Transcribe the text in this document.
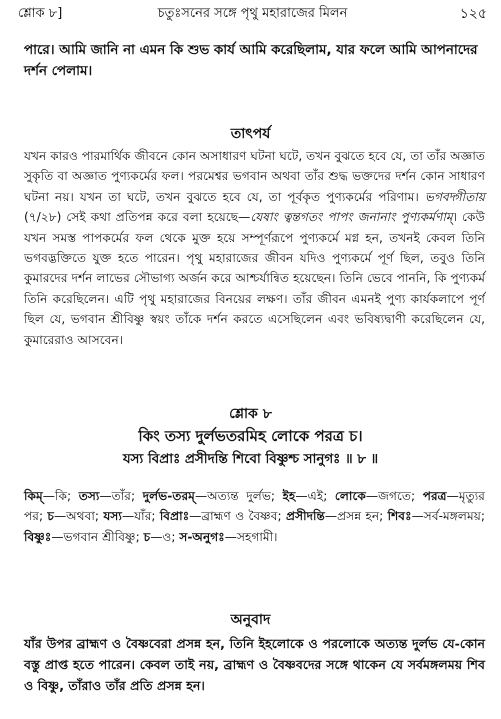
শ্লোক ৮]	চতুঃসনের সঙ্গে পৃথু মহারাজের মিলন	১২৫
পারে। আমি জানি না এমন কি শুভ কার্য আমি করেছিলাম, যার ফলে আমি আপনাদের দর্শন পেলাম।
তাৎপর্য
যখন কারও পারমার্থিক জীবনে কোন অসাধারণ ঘটনা ঘটে, তখন বুঝতে হবে যে, তা তাঁর অজ্ঞাত সুকৃতি বা অজ্ঞাত পুণ্যকর্মের ফল। পরমেশ্বর ভগবান অথবা তাঁর শুদ্ধ ভক্তদের দর্শন কোন সাধারণ ঘটনা নয়। যখন তা ঘটে, তখন বুঝতে হবে যে, তা পূর্বকৃত পুণ্যকর্মের পরিণাম। ভগবদ্গীতায় (৭/২৮) সেই কথা প্রতিপন্ন করে বলা হয়েছে—যেষাং ত্বন্তগতং পাপং জনানাং পুণ্যকর্মণাম্। কেউ যখন সমস্ত পাপকর্মের ফল থেকে মুক্ত হয়ে সম্পূর্ণরূপে পুণ্যকর্মে মগ্ন হন, তখনই কেবল তিনি ভগবদ্ভক্তিতে যুক্ত হতে পারেন। পৃথু মহারাজের জীবন যদিও পুণ্যকর্মে পূর্ণ ছিল, তবুও তিনি কুমারদের দর্শন লাভের সৌভাগ্য অর্জন করে আশ্চর্যান্বিত হয়েছেন। তিনি ভেবে পাননি, কি পুণ্যকর্ম তিনি করেছিলেন। এটি পৃথু মহারাজের বিনয়ের লক্ষণ। তাঁর জীবন এমনই পুণ্য কার্যকলাপে পূর্ণ ছিল যে, ভগবান শ্রীবিষ্ণু স্বয়ং তাঁকে দর্শন করতে এসেছিলেন এবং ভবিষ্যদ্বাণী করেছিলেন যে, কুমারেরাও আসবেন।
শ্লোক ৮
কিং তস্য দুর্লভতরমিহ লোকে পরত্র চ।
যস্য বিপ্রাঃ প্রসীদন্তি শিবো বিষ্ণুশ্চ সানুগঃ ॥ ৮ ॥
কিম্—কি; তস্য—তাঁর; দুর্লভ-তরম্—অত্যন্ত দুর্লভ; ইহ—এই; লোকে—জগতে; পরত্র—মৃত্যুর পর; চ—অথবা; যস্য—যাঁর; বিপ্রাঃ—ব্রাহ্মণ ও বৈষ্ণব; প্রসীদন্তি—প্রসন্ন হন; শিবঃ—সর্ব-মঙ্গলময়; বিষ্ণুঃ—ভগবান শ্রীবিষ্ণু; চ—ও; স-অনুগঃ—সহগামী।
অনুবাদ
যাঁর উপর ব্রাহ্মণ ও বৈষ্ণবেরা প্রসন্ন হন, তিনি ইহলোকে ও পরলোকে অত্যন্ত দুর্লভ যে-কোন বস্তু প্রাপ্ত হতে পারেন। কেবল তাই নয়, ব্রাহ্মণ ও বৈষ্ণবদের সঙ্গে থাকেন যে সর্বমঙ্গলময় শিব ও বিষ্ণু, তাঁরাও তাঁর প্রতি প্রসন্ন হন।
